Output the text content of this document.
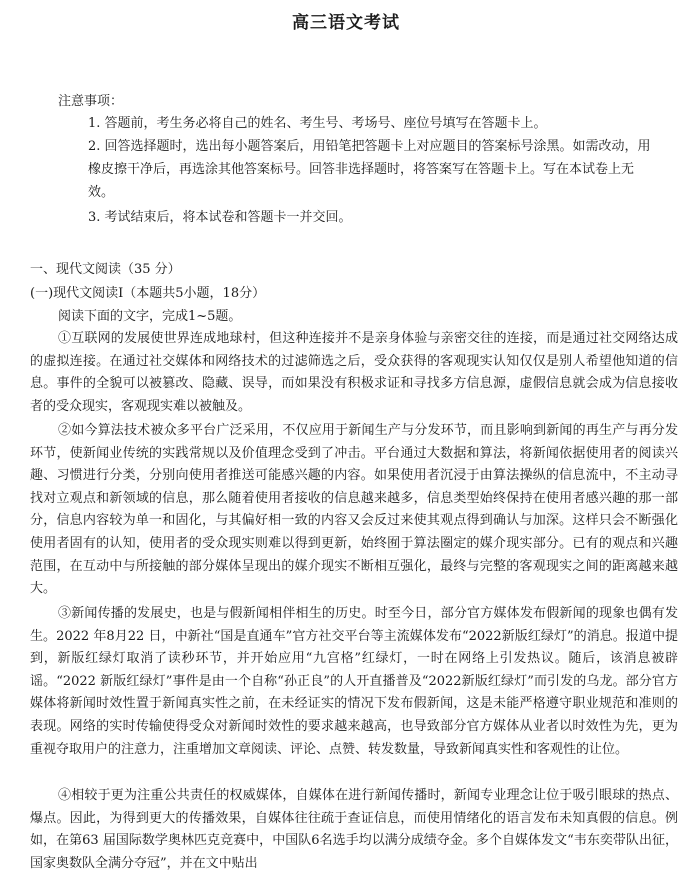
高三语文考试
注意事项：
1. 答题前，考生务必将自己的姓名、考生号、考场号、座位号填写在答题卡上。
2. 回答选择题时，选出每小题答案后，用铅笔把答题卡上对应题目的答案标号涂黑。如需改动，用橡皮擦干净后，再选涂其他答案标号。回答非选择题时，将答案写在答题卡上。写在本试卷上无效。
3. 考试结束后，将本试卷和答题卡一并交回。
一、现代文阅读（35 分）
(一)现代文阅读Ⅰ（本题共5小题，18分）
阅读下面的文字，完成1~5题。

①互联网的发展使世界连成地球村，但这种连接并不是亲身体验与亲密交往的连接，而是通过社交网络达成的虚拟连接。在通过社交媒体和网络技术的过滤筛选之后，受众获得的客观现实认知仅仅是别人希望他知道的信息。事件的全貌可以被篡改、隐藏、误导，而如果没有积极求证和寻找多方信息源，虚假信息就会成为信息接收者的受众现实，客观现实难以被触及。

②如今算法技术被众多平台广泛采用，不仅应用于新闻生产与分发环节，而且影响到新闻的再生产与再分发环节，使新闻业传统的实践常规以及价值理念受到了冲击。平台通过大数据和算法，将新闻依据使用者的阅读兴趣、习惯进行分类，分别向使用者推送可能感兴趣的内容。如果使用者沉浸于由算法操纵的信息流中，不主动寻找对立观点和新领域的信息，那么随着使用者接收的信息越来越多，信息类型始终保持在使用者感兴趣的那一部分，信息内容较为单一和固化，与其偏好相一致的内容又会反过来使其观点得到确认与加深。这样只会不断强化使用者固有的认知，使用者的受众现实则难以得到更新，始终囿于算法圈定的媒介现实部分。已有的观点和兴趣范围，在互动中与所接触的部分媒体呈现出的媒介现实不断相互强化，最终与完整的客观现实之间的距离越来越大。

③新闻传播的发展史，也是与假新闻相伴相生的历史。时至今日，部分官方媒体发布假新闻的现象也偶有发生。2022 年8月22 日，中新社“国是直通车”官方社交平台等主流媒体发布“2022新版红绿灯”的消息。报道中提到，新版红绿灯取消了读秒环节，并开始应用“九宫格”红绿灯，一时在网络上引发热议。随后，该消息被辟谣。“2022 新版红绿灯”事件是由一个自称“孙正良”的人开直播普及“2022新版红绿灯”而引发的乌龙。部分官方媒体将新闻时效性置于新闻真实性之前，在未经证实的情况下发布假新闻，这是未能严格遵守职业规范和准则的表现。网络的实时传输使得受众对新闻时效性的要求越来越高，也导致部分官方媒体从业者以时效性为先，更为重视夺取用户的注意力，注重增加文章阅读、评论、点赞、转发数量，导致新闻真实性和客观性的让位。

④相较于更为注重公共责任的权威媒体，自媒体在进行新闻传播时，新闻专业理念让位于吸引眼球的热点、爆点。因此，为得到更大的传播效果，自媒体往往疏于查证信息，而使用情绪化的语言发布未知真假的信息。例如，在第63 届国际数学奥林匹克竞赛中，中国队6名选手均以满分成绩夺金。多个自媒体发文“韦东奕带队出征，国家奥数队全满分夺冠”，并在文中贴出
